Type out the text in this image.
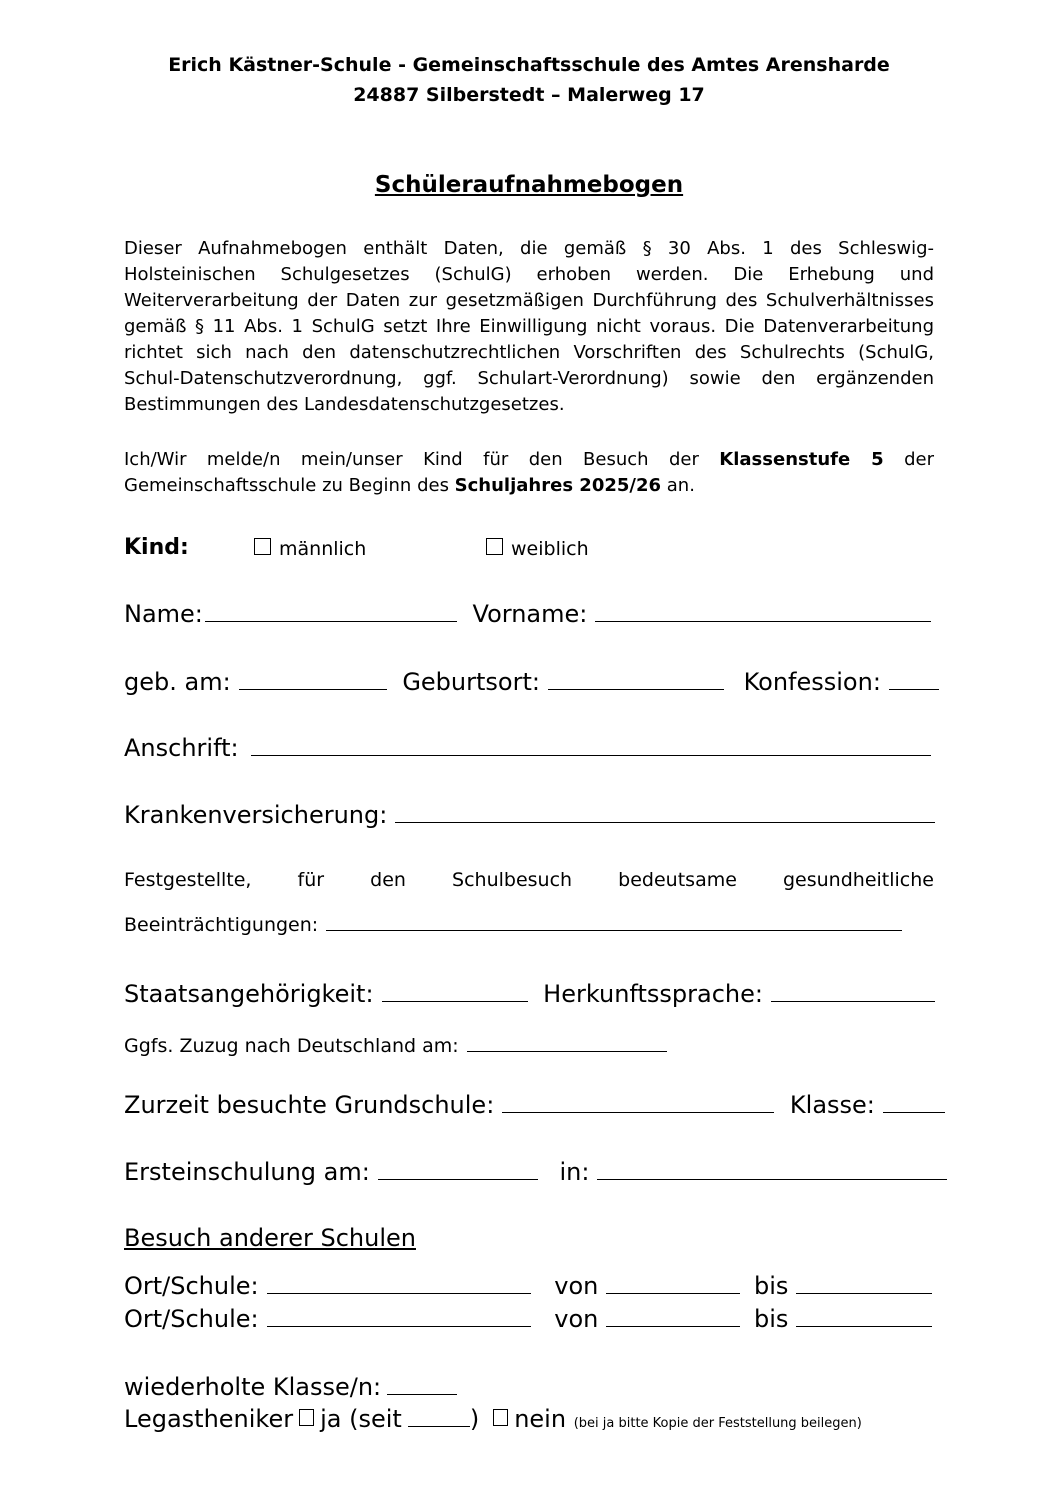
Erich Kästner-Schule - Gemeinschaftsschule des Amtes Arensharde
24887 Silberstedt – Malerweg 17
Schüleraufnahmebogen

Dieser Aufnahmebogen enthält Daten, die gemäß § 30 Abs. 1 des Schleswig-Holsteinischen Schulgesetzes (SchulG) erhoben werden. Die Erhebung und Weiterverarbeitung der Daten zur gesetzmäßigen Durchführung des Schulverhältnisses gemäß § 11 Abs. 1 SchulG setzt Ihre Einwilligung nicht voraus. Die Datenverarbeitung richtet sich nach den datenschutzrechtlichen Vorschriften des Schulrechts (SchulG, Schul-Datenschutzverordnung, ggf. Schulart-Verordnung) sowie den ergänzenden Bestimmungen des Landesdatenschutzgesetzes.

Ich/Wir melde/n mein/unser Kind für den Besuch der Klassenstufe 5 der Gemeinschaftsschule zu Beginn des Schuljahres 2025/26 an.

Kind:	männlich	weiblich
Name:	Vorname:
geb. am:	Geburtsort:	Konfession:
Anschrift:
Krankenversicherung:
Festgestellte, für den Schulbesuch bedeutsame gesundheitliche
Beeinträchtigungen:
Staatsangehörigkeit:	Herkunftssprache:
Ggfs. Zuzug nach Deutschland am:
Zurzeit besuchte Grundschule:	Klasse:
Ersteinschulung am:	in:
Besuch anderer Schulen
Ort/Schule:	von	bis
Ort/Schule:	von	bis
wiederholte Klasse/n:
Legastheniker ja (seit	) nein (bei ja bitte Kopie der Feststellung beilegen)
